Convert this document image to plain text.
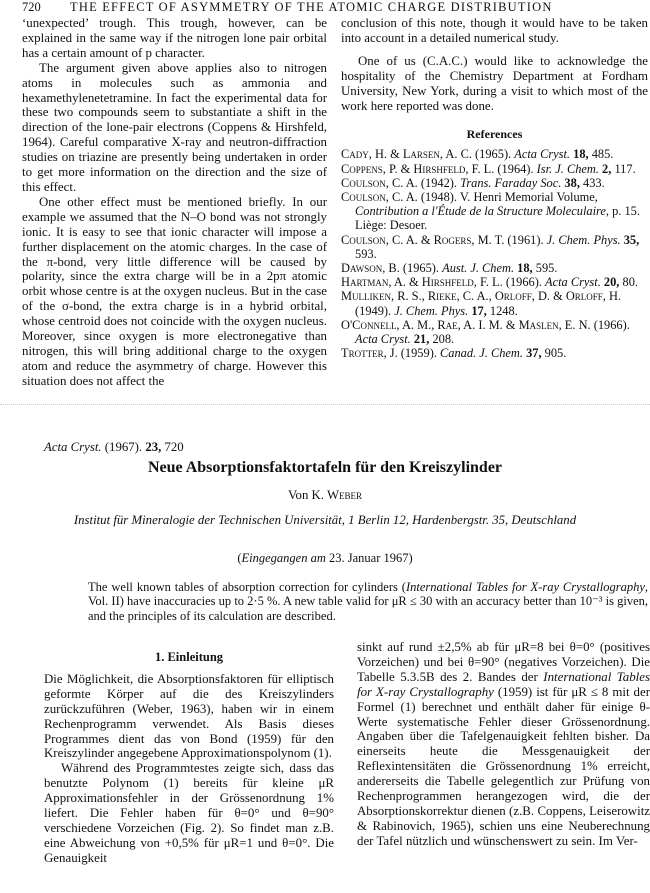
720 THE EFFECT OF ASYMMETRY OF THE ATOMIC CHARGE DISTRIBUTION

‘unexpected’ trough. This trough, however, can be explained in the same way if the nitrogen lone pair orbital has a certain amount of p character.

The argument given above applies also to nitrogen atoms in molecules such as ammonia and hexamethylenetetramine. In fact the experimental data for these two compounds seem to substantiate a shift in the direction of the lone-pair electrons (Coppens & Hirshfeld, 1964). Careful comparative X-ray and neutron-diffraction studies on triazine are presently being undertaken in order to get more information on the direction and the size of this effect.

One other effect must be mentioned briefly. In our example we assumed that the N–O bond was not strongly ionic. It is easy to see that ionic character will impose a further displacement on the atomic charges. In the case of the π-bond, very little difference will be caused by polarity, since the extra charge will be in a 2pπ atomic orbit whose centre is at the oxygen nucleus. But in the case of the σ-bond, the extra charge is in a hybrid orbital, whose centroid does not coincide with the oxygen nucleus. Moreover, since oxygen is more electronegative than nitrogen, this will bring additional charge to the oxygen atom and reduce the asymmetry of charge. However this situation does not affect the

conclusion of this note, though it would have to be taken into account in a detailed numerical study.

One of us (C.A.C.) would like to acknowledge the hospitality of the Chemistry Department at Fordham University, New York, during a visit to which most of the work here reported was done.

References

Cady, H. & Larsen, A. C. (1965). Acta Cryst. 18, 485.

Coppens, P. & Hirshfeld, F. L. (1964). Isr. J. Chem. 2, 117.

Coulson, C. A. (1942). Trans. Faraday Soc. 38, 433.

Coulson, C. A. (1948). V. Henri Memorial Volume, Contribution a l'Étude de la Structure Moleculaire, p. 15. Liège: Desoer.

Coulson, C. A. & Rogers, M. T. (1961). J. Chem. Phys. 35, 593.

Dawson, B. (1965). Aust. J. Chem. 18, 595.

Hartman, A. & Hirshfeld, F. L. (1966). Acta Cryst. 20, 80.

Mulliken, R. S., Rieke, C. A., Orloff, D. & Orloff, H. (1949). J. Chem. Phys. 17, 1248.

O'Connell, A. M., Rae, A. I. M. & Maslen, E. N. (1966). Acta Cryst. 21, 208.

Trotter, J. (1959). Canad. J. Chem. 37, 905.

Acta Cryst. (1967). 23, 720
Neue Absorptionsfaktortafeln für den Kreiszylinder
Von K. Weber
Institut für Mineralogie der Technischen Universität, 1 Berlin 12, Hardenbergstr. 35, Deutschland
(Eingegangen am 23. Januar 1967)
The well known tables of absorption correction for cylinders (International Tables for X-ray Crystallography, Vol. II) have inaccuracies up to 2·5 %. A new table valid for μR ≤ 30 with an accuracy better than 10⁻³ is given, and the principles of its calculation are described.
1. Einleitung

Die Möglichkeit, die Absorptionsfaktoren für elliptisch geformte Körper auf die des Kreiszylinders zurückzuführen (Weber, 1963), haben wir in einem Rechenprogramm verwendet. Als Basis dieses Programmes dient das von Bond (1959) für den Kreiszylinder angegebene Approximationspolynom (1).

Während des Programmtestes zeigte sich, dass das benutzte Polynom (1) bereits für kleine μR Approximationsfehler in der Grössenordnung 1% liefert. Die Fehler haben für θ=0° und θ=90° verschiedene Vorzeichen (Fig. 2). So findet man z.B. eine Abweichung von +0,5% für μR=1 und θ=0°. Die Genauigkeit

sinkt auf rund ±2,5% ab für μR=8 bei θ=0° (positives Vorzeichen) und bei θ=90° (negatives Vorzeichen). Die Tabelle 5.3.5B des 2. Bandes der International Tables for X-ray Crystallography (1959) ist für μR ≤ 8 mit der Formel (1) berechnet und enthält daher für einige θ-Werte systematische Fehler dieser Grössenordnung. Angaben über die Tafelgenauigkeit fehlten bisher. Da einerseits heute die Messgenauigkeit der Reflexintensitäten die Grössenordnung 1% erreicht, andererseits die Tabelle gelegentlich zur Prüfung von Rechenprogrammen herangezogen wird, die der Absorptionskorrektur dienen (z.B. Coppens, Leiserowitz & Rabinovich, 1965), schien uns eine Neuberechnung der Tafel nützlich und wünschenswert zu sein. Im Ver-
